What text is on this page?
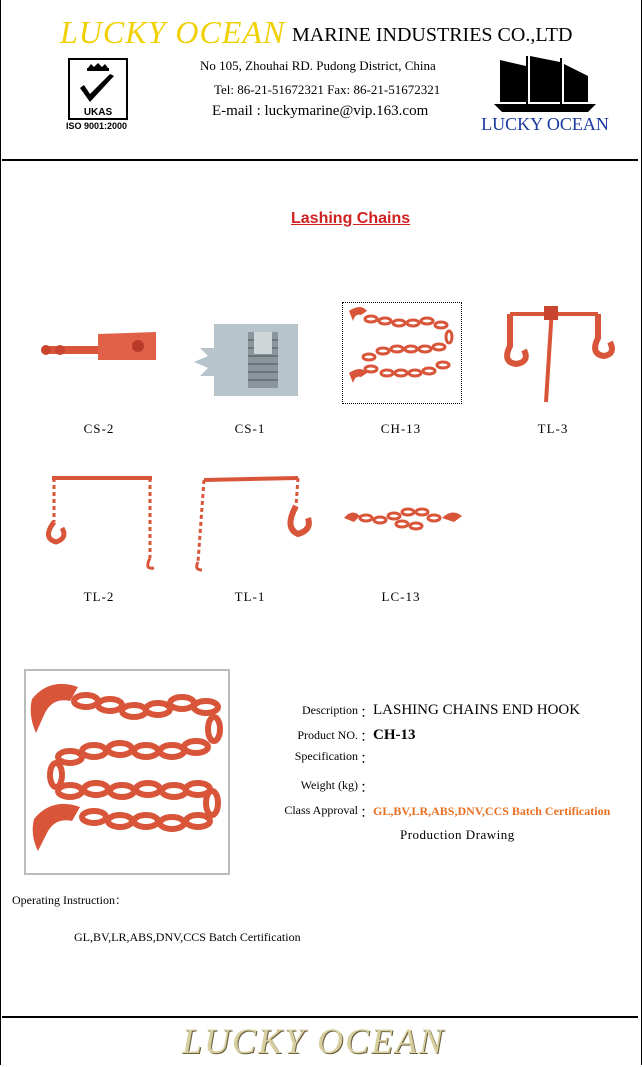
LUCKY OCEAN MARINE INDUSTRIES CO.,LTD
No 105, Zhouhai RD. Pudong District, China
Tel: 86-21-51672321 Fax: 86-21-51672321
E-mail : luckymarine@vip.163.com
UKAS
ISO 9001:2000	LUCKY OCEAN
Lashing Chains
CS-2	CS-1	CH-13	TL-3
TL-2	TL-1	LC-13
Description ：
LASHING CHAINS END HOOK
Product NO. ：
CH-13
Specification ：
Weight (kg) ：
Class Approval ：
GL,BV,LR,ABS,DNV,CCS Batch Certification
Production Drawing
Operating Instruction：
GL,BV,LR,ABS,DNV,CCS Batch Certification
LUCKY OCEAN
